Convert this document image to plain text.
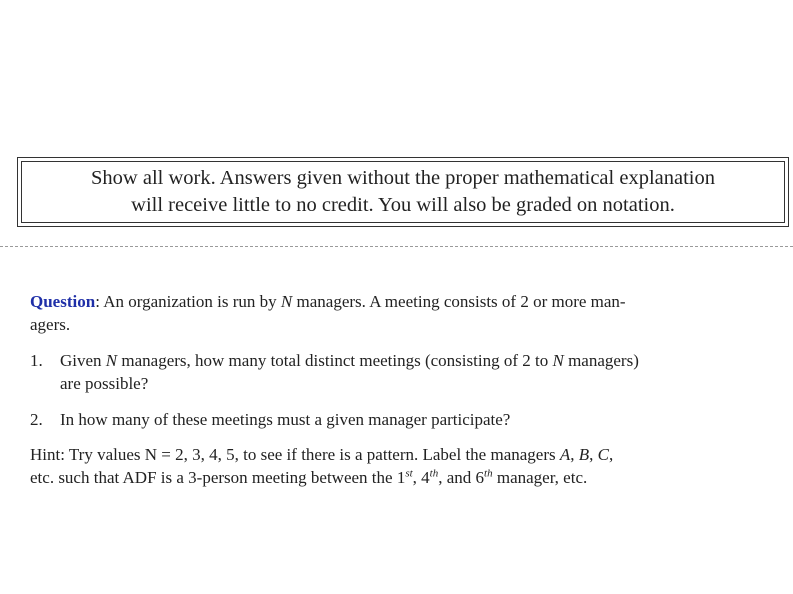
Show all work. Answers given without the proper mathematical explanation
will receive little to no credit. You will also be graded on notation.
Question: An organization is run by N managers. A meeting consists of 2 or more man-
agers.
1. Given N managers, how many total distinct meetings (consisting of 2 to N managers)
are possible?
2. In how many of these meetings must a given manager participate?
Hint: Try values N = 2, 3, 4, 5, to see if there is a pattern. Label the managers A, B, C,
etc. such that ADF is a 3-person meeting between the 1st, 4th, and 6th manager, etc.
